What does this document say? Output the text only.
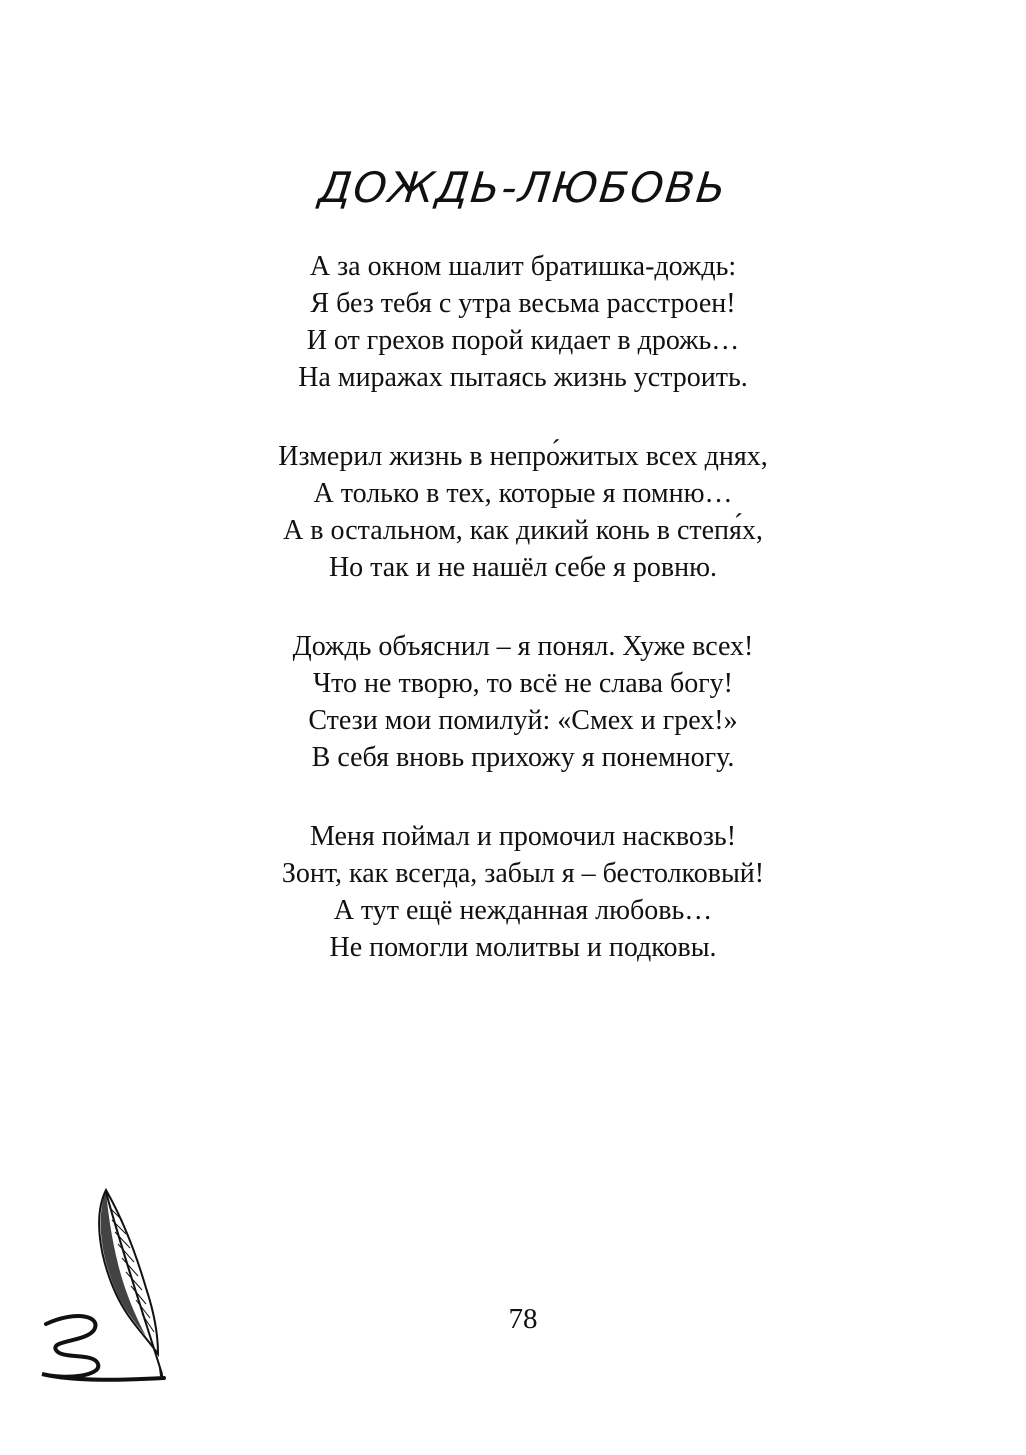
ДОЖДЬ-ЛЮБОВЬ

А за окном шалит братишка-дождь:
Я без тебя с утра весьма расстроен!
И от грехов порой кидает в дрожь…
На миражах пытаясь жизнь устроить.

Измерил жизнь в непро́житых всех днях,
А только в тех, которые я помню…
А в остальном, как дикий конь в степя́х,
Но так и не нашёл себе я ровню.

Дождь объяснил – я понял. Хуже всех!
Что не творю, то всё не слава богу!
Стези мои помилуй: «Смех и грех!»
В себя вновь прихожу я понемногу.

Меня поймал и промочил насквозь!
Зонт, как всегда, забыл я – бестолковый!
А тут ещё нежданная любовь…
Не помогли молитвы и подковы.

78
